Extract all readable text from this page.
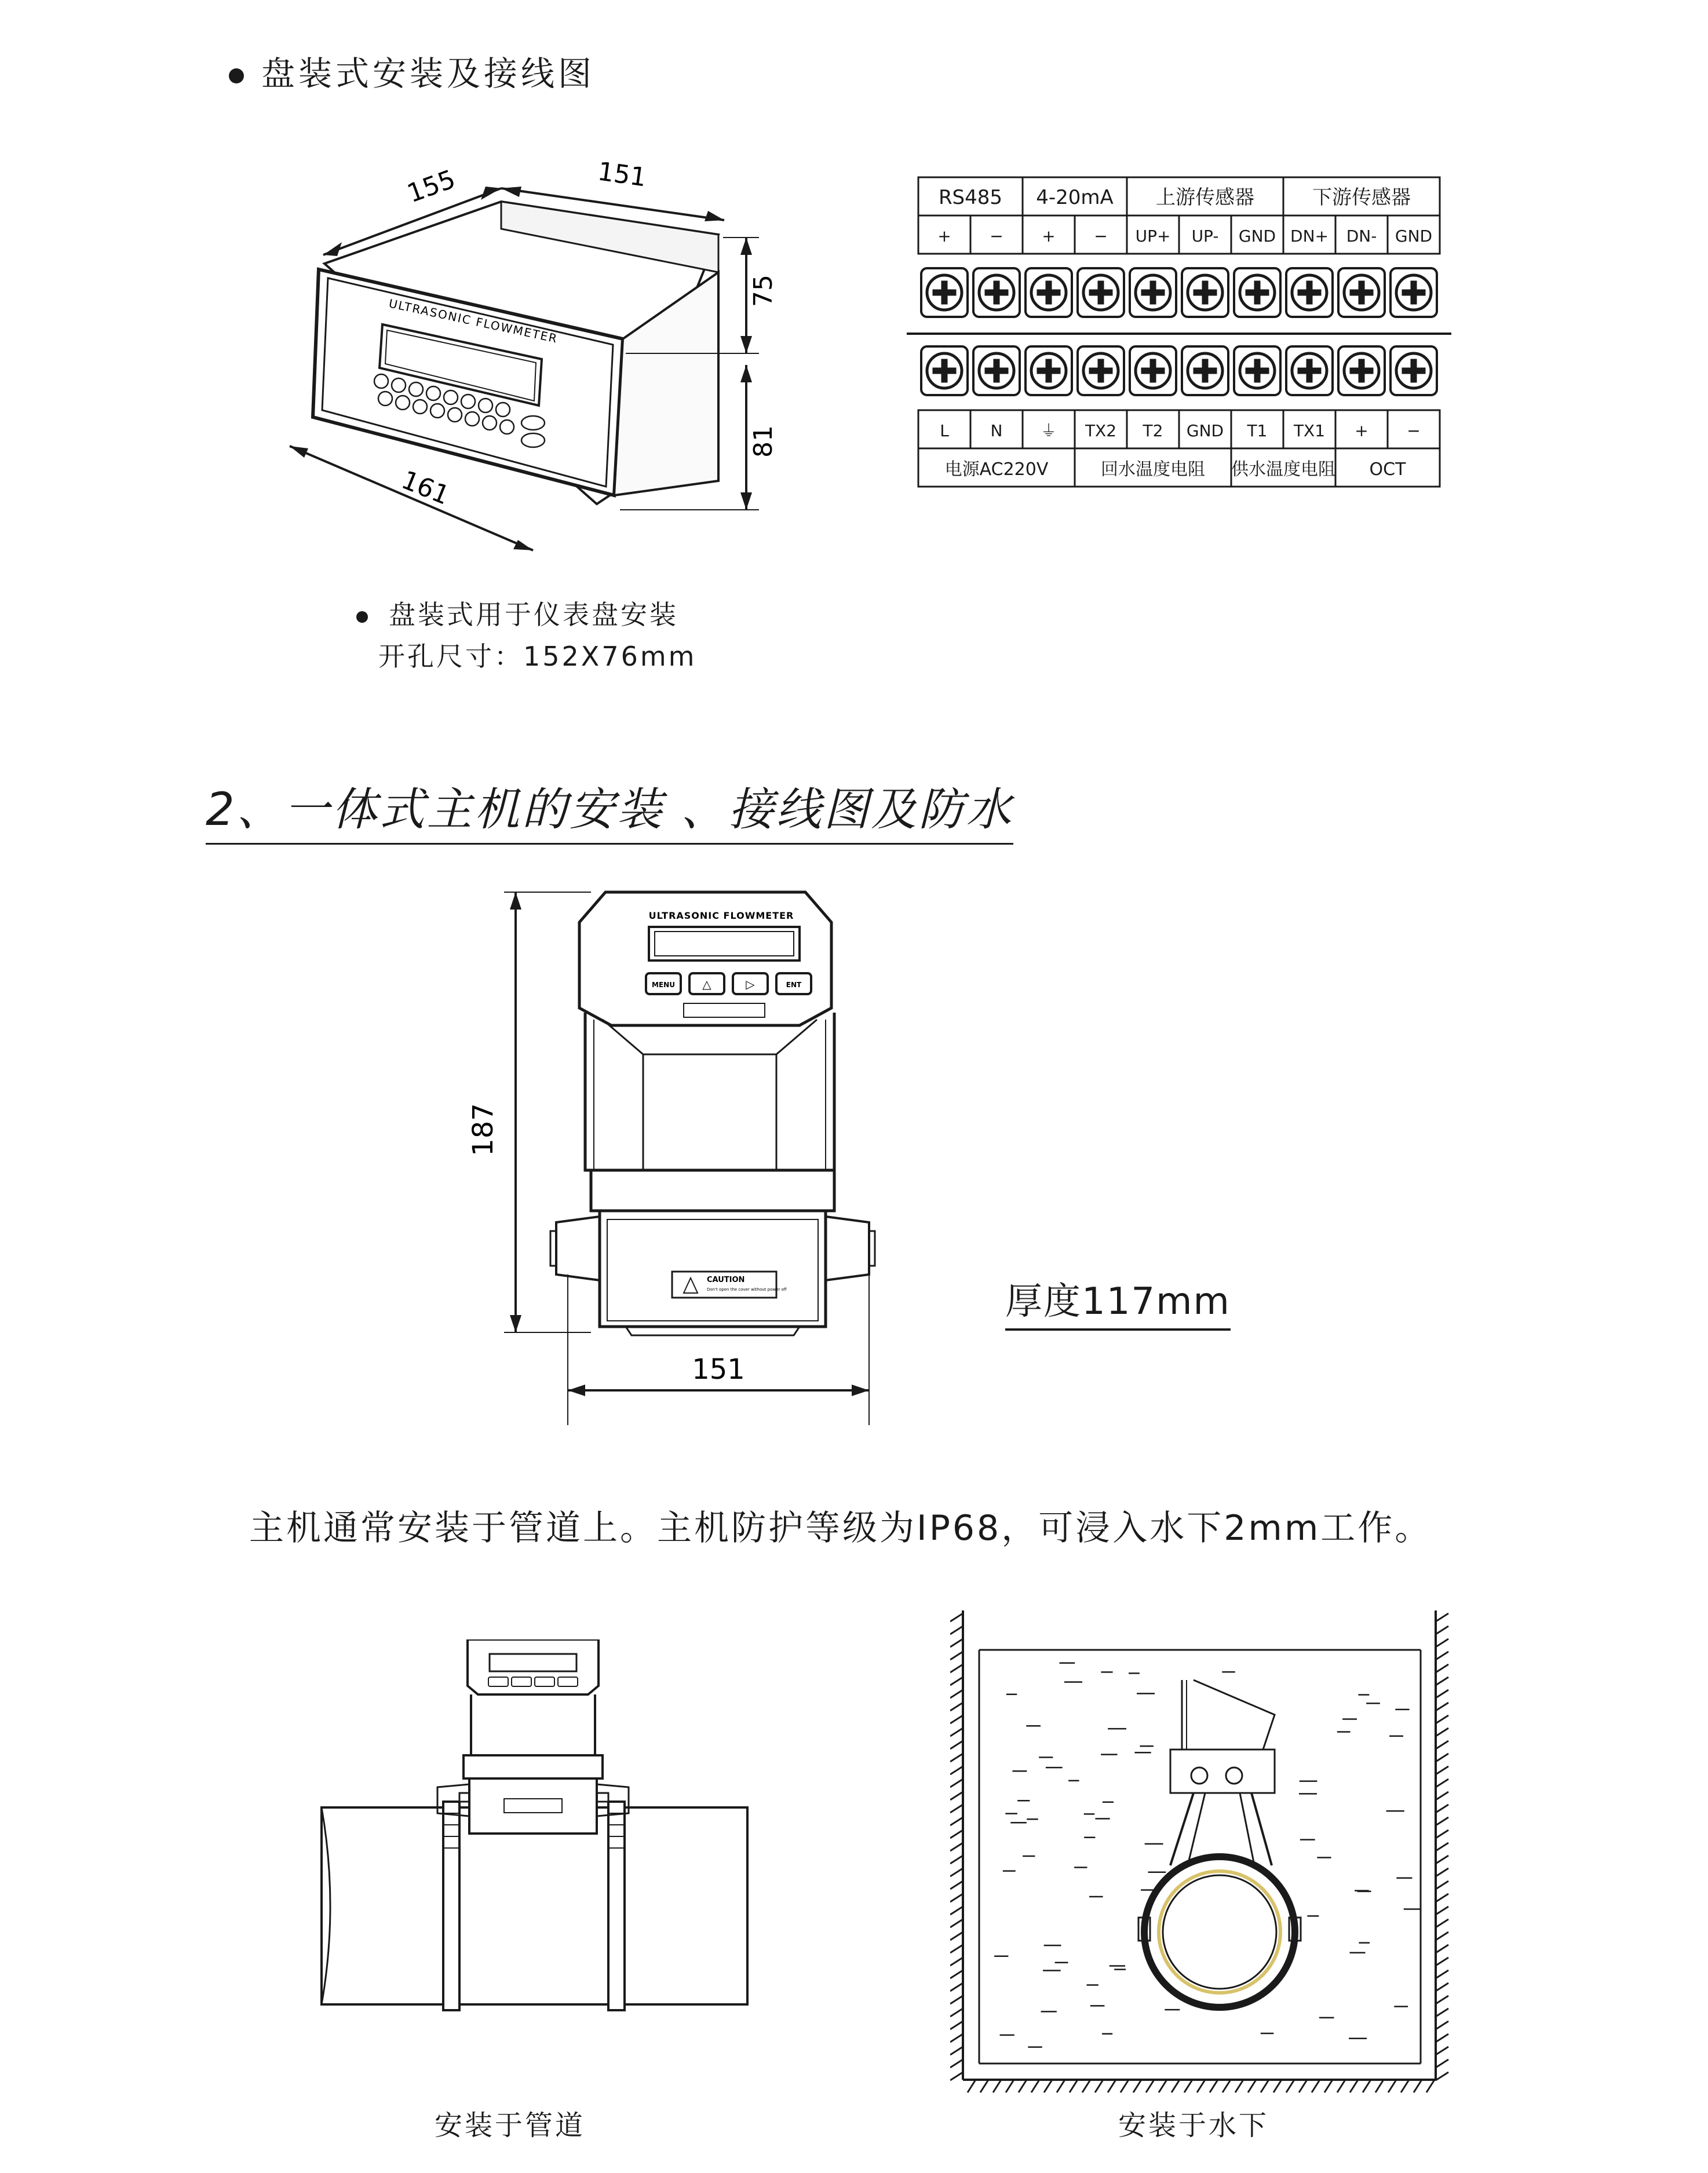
盘装式安装及接线图
155	151
75
81
161
ULTRASONIC FLOWMETER
盘装式用于仪表盘安装
开孔尺寸：152X76mm
RS485 4-20mA 上游传感器	下游传感器
+ − + − UP+ UP- GND DN+ DN- GND
L	N ⏚ TX2 T2 GND T1 TX1 + −
电源AC220V	回水温度电阻 供水温度电阻 OCT
2、一体式主机的安装 、接线图及防水
187
151
ULTRASONIC FLOWMETER
MENU △	▷	ENT
CAUTION
Don't open the cover without power off	厚度117mm
主机通常安装于管道上。主机防护等级为IP68，可浸入水下2mm工作。
安装于管道	安装于水下
